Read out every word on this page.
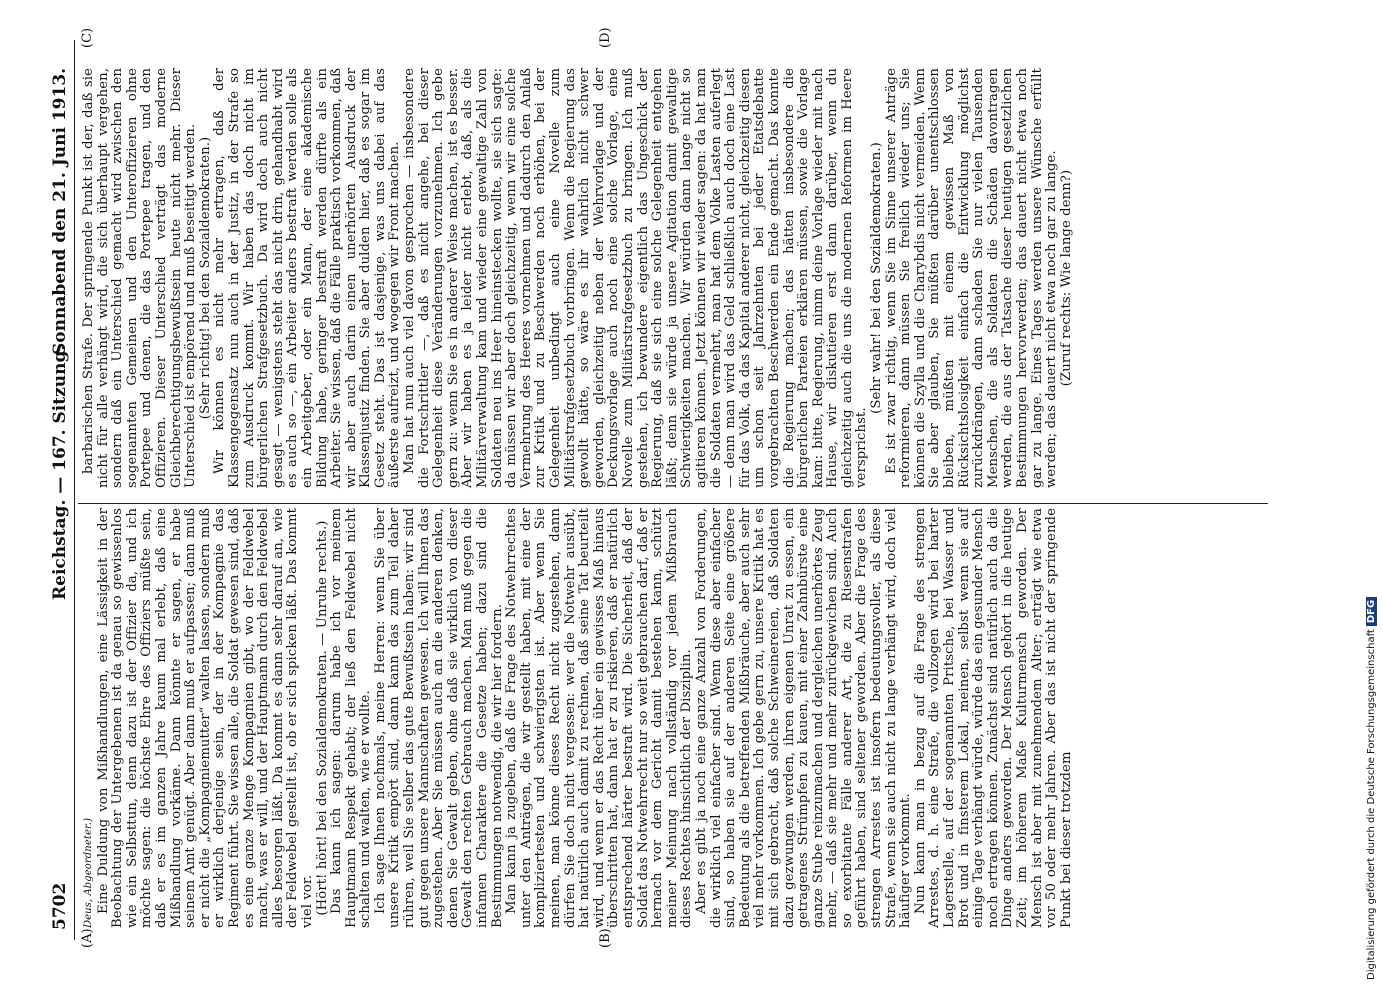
5702
Reichstag. — 167. Sitzung.
Sonnabend den 21. Juni 1913.
(A)	(B)
(C)	(D)

Deus, Abgeordneter.) Eine Duldung von Mißhandlungen, eine Lässigkeit in der Beobachtung der Untergebenen ist da genau so gewissenlos wie ein Selbsttun, denn dazu ist der Offizier da, und ich möchte sagen: die höchste Ehre des Offiziers müßte sein, daß er es im ganzen Jahre kaum mal erlebt, daß eine Mißhandlung vorkäme. Dann könnte er sagen, er habe seinem Amt genügt. Aber dann muß er aufpassen; dann muß er nicht die „Kompagniemutter“ walten lassen, sondern muß er wirklich derjenige sein, der in der Kompagnie das Regiment führt. Sie wissen alle, die Soldat gewesen sind, daß es eine ganze Menge Kompagnien gibt, wo der Feldwebel macht, was er will, und der Hauptmann durch den Feldwebel alles besorgen läßt. Da kommt es dann sehr darauf an, wie der Feldwebel gestellt ist, ob er sich spicken läßt. Das kommt viel vor. (Hört! hört! bei den Sozialdemokraten. — Unruhe rechts.) Das kann ich sagen: darum habe ich vor meinem Hauptmann Respekt gehabt; der ließ den Feldwebel nicht schalten und walten, wie er wollte. Ich sage Ihnen nochmals, meine Herren: wenn Sie über unsere Kritik empört sind, dann kann das zum Teil daher rühren, weil Sie selber das gute Bewußtsein haben: wir sind gut gegen unsere Mannschaften gewesen. Ich will Ihnen das zugestehen. Aber Sie müssen auch an die anderen denken, denen Sie Gewalt geben, ohne daß sie wirklich von dieser Gewalt den rechten Gebrauch machen. Man muß gegen die infamen Charaktere die Gesetze haben; dazu sind die Bestimmungen notwendig, die wir hier fordern. Man kann ja zugeben, daß die Frage des Notwehrrechtes unter den Anträgen, die wir gestellt haben, mit eine der kompliziertesten und schwierigsten ist. Aber wenn Sie meinen, man könne dieses Recht nicht zugestehen, dann dürfen Sie doch nicht vergessen: wer die Notwehr ausübt, hat natürlich auch damit zu rechnen, daß seine Tat beurteilt wird, und wenn er das Recht über ein gewisses Maß hinaus überschritten hat, dann hat er zu riskieren, daß er natürlich entsprechend härter bestraft wird. Die Sicherheit, daß der Soldat das Notwehrrecht nur so weit gebrauchen darf, daß er hernach vor dem Gericht damit bestehen kann, schützt meiner Meinung nach vollständig vor jedem Mißbrauch dieses Rechtes hinsichtlich der Disziplin. Aber es gibt ja noch eine ganze Anzahl von Forderungen, die wirklich viel einfacher sind. Wenn diese aber einfacher sind, so haben sie auf der anderen Seite eine größere Bedeutung als die betreffenden Mißbräuche, aber auch sehr viel mehr vorkommen. Ich gebe gern zu, unsere Kritik hat es mit sich gebracht, daß solche Schweinereien, daß Soldaten dazu gezwungen werden, ihren eigenen Unrat zu essen, ein getragenes Strümpfen zu kauen, mit einer Zahnbürste eine ganze Stube reinzumachen und dergleichen unerhörtes Zeug mehr, — daß sie mehr und mehr zurückgewichen sind. Auch so exorbitante Fälle anderer Art, die zu Riesenstrafen geführt haben, sind seltener geworden. Aber die Frage des strengen Arrestes ist insofern bedeutungsvoller, als diese Strafe, wenn sie auch nicht zu lange verhängt wird, doch viel häufiger vorkommt. Nun kann man in bezug auf die Frage des strengen Arrestes, d. h. eine Strafe, die vollzogen wird bei harter Lagerstelle, auf der sogenannten Pritsche, bei Wasser und Brot und in finsterem Lokal, meinen, selbst wenn sie auf einige Tage verhängt würde, würde das ein gesunder Mensch noch ertragen können. Zunächst sind natürlich auch da die Dinge anders geworden. Der Mensch gehört in die heutige Zeit; im höherem Maße Kulturmensch geworden. Der Mensch ist aber mit zunehmendem Alter; erträgt wie etwa vor 50 oder mehr Jahren. Aber das ist nicht der springende Punkt bei dieser trotzdem

barbarischen Strafe. Der springende Punkt ist der, daß sie nicht für alle verhängt wird, die sich überhaupt vergehen, sondern daß ein Unterschied gemacht wird zwischen den sogenannten Gemeinen und den Unteroffizieren ohne Portepee und denen, die das Portepee tragen, und den Offizieren. Dieser Unterschied verträgt das moderne Gleichberechtigungsbewußtsein heute nicht mehr. Dieser Unterschied ist empörend und muß beseitigt werden. (Sehr richtig! bei den Sozialdemokraten.) Wir können es nicht mehr ertragen, daß der Klassengegensatz nun auch in der Justiz, in der Strafe so zum Ausdruck kommt. Wir haben das doch nicht im bürgerlichen Strafgesetzbuch. Da wird doch auch nicht gesagt — wenigstens steht das nicht drin, gehandhabt wird es auch so —, ein Arbeiter anders bestraft werden solle als ein Arbeitgeber, oder ein Mann, der eine akademische Bildung habe, geringer bestraft werden dürfte als ein Arbeiter. Sie wissen, daß die Fälle praktisch vorkommen, daß wir aber auch darin einen unerhörten Ausdruck der Klassenjustiz finden. Sie aber dulden hier, daß es sogar im Gesetz steht. Das ist dasjenige, was uns dabei auf das äußerste aufreizt, und wogegen wir Front machen. Man hat nun auch viel davon gesprochen — insbesondere die Fortschrittler —, daß es nicht angehe, bei dieser Gelegenheit diese Veränderungen vorzunehmen. Ich gebe gern zu: wenn Sie es in anderer Weise machen, ist es besser. Aber wir haben es ja leider nicht erlebt, daß, als die Militärverwaltung kam und wieder eine gewaltige Zahl von Soldaten neu ins Heer hineinstecken wollte, sie sich sagte: da müssen wir aber doch gleichzeitig, wenn wir eine solche Vermehrung des Heeres vornehmen und dadurch den Anlaß zur Kritik und zu Beschwerden noch erhöhen, bei der Gelegenheit unbedingt auch eine Novelle zum Militärstrafgesetzbuch vorbringen. Wenn die Regierung das gewollt hätte, so wäre es ihr wahrlich nicht schwer geworden, gleichzeitig neben der Wehrvorlage und der Deckungsvorlage auch noch eine solche Vorlage, eine Novelle zum Militärstrafgesetzbuch zu bringen. Ich muß gestehen, ich bewundere eigentlich das Ungeschick der Regierung, daß sie sich eine solche Gelegenheit entgehen läßt; denn sie würde ja unsere Agitation damit gewaltige Schwierigkeiten machen. Wir würden dann lange nicht so agitieren können. Jetzt können wir wieder sagen: da hat man die Soldaten vermehrt, man hat dem Volke Lasten auferlegt — denn man wird das Geld schließlich auch doch eine Last für das Volk, da das Kapital anderer nicht, gleichzeitig diesen um schon seit Jahrzehnten bei jeder Etatsdebatte vorgebrachten Beschwerden ein Ende gemacht. Das konnte die Regierung machen; das hätten insbesondere die bürgerlichen Parteien erklären müssen, sowie die Vorlage kam: bitte, Regierung, nimm deine Vorlage wieder mit nach Hause, wir diskutieren erst dann darüber, wenn du gleichzeitig auch die uns die modernen Reformen im Heere versprichst.

(Sehr wahr! bei den Sozialdemokraten.) Es ist zwar richtig, wenn Sie im Sinne unserer Anträge reformieren, dann müssen Sie freilich wieder uns; Sie können die Szylla und die Charybdis nicht vermeiden. Wenn Sie aber glauben, Sie müßten darüber unentschlossen bleiben, müßten mit einem gewissen Maß von Rücksichtslosigkeit einfach die Entwicklung möglichst zurückdrängen, dann schaden Sie nur vielen Tausenden Menschen, die als Soldaten die Schäden davontragen werden, die aus der Tatsache dieser heutigen gesetzlichen Bestimmungen hervorwerden; das dauert nicht etwa noch gar zu lange. Eines Tages werden unsere Wünsche erfüllt werden; das dauert nicht etwa noch gar zu lange. (Zuruf rechts: Wie lange denn?)

Digitalisierung gefördert durch die Deutsche ForschungsgemeinschaftDFG
